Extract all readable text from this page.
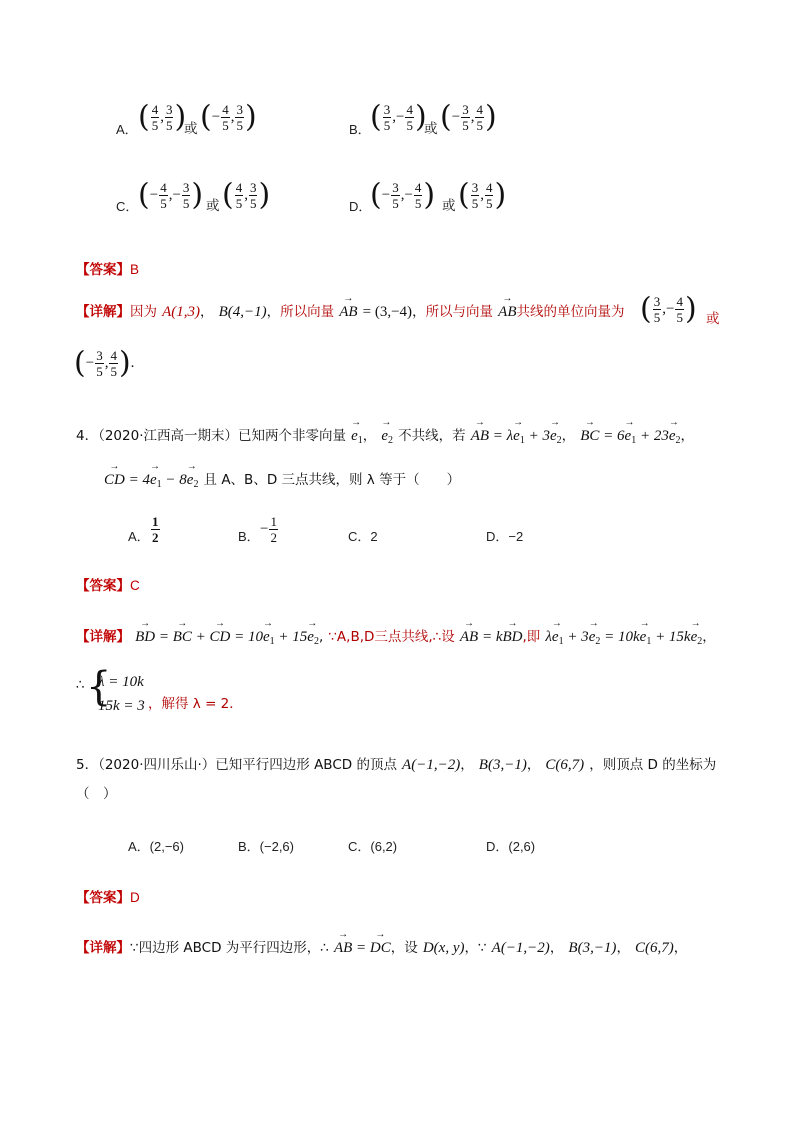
A． ( $\frac{4}{5}$ , $\frac{3}{5}$ )
或 (− $\frac{4}{5}$ , $\frac{3}{5}$ )	B． ( $\frac{3}{5}$ ,− $\frac{4}{5}$ )
或 (− $\frac{3}{5}$ , $\frac{4}{5}$ )
C． (− $\frac{4}{5}$ ,− $\frac{3}{5}$ ) 或 ( $\frac{4}{5}$ , $\frac{3}{5}$ )	D．
(− $\frac{3}{5}$ ,− $\frac{4}{5}$ ) 或 ( $\frac{3}{5}$ , $\frac{4}{5}$ )
【答案】B
【详解】因为 A(1,3)， B(4,−1)，所以向量 → AB = (3,−4)，所以与向量 → AB共线的单位向量为 ( $\frac{3}{5}$ ,− $\frac{4}{5}$ ) 或
(− $\frac{3}{5}$ , $\frac{4}{5}$ ).
4．（2020·江西高一期末）已知两个非零向量 → $e_1$， → $e_2$ 不共线，若 → AB = $\lambda\to e_1 + 3\to e_2$， → BC = $6\to e_1 + 23\to e_2$，
→ CD = $4\to e_1 - 8\to e_2$ 且 A、B、D 三点共线，则 λ 等于（　　）
A． $\frac{1}{2}$	B． − $\frac{1}{2}$	C．2	D．−2
【答案】C
【详解】 → BD = → BC + → CD = $10\to e_1 + 15\to e_2$, ∵A,B,D三点共线,∴设 → AB = k→ BD,即 $\lambda\to e_1 + 3\to e_2 = 10k\to e_1 + 15k\to e_2$，
∴ {
λ = 10k
15k = 3 ，解得 λ = 2．
5．（2020·四川乐山·）已知平行四边形 ABCD 的顶点 A(−1,−2)， B(3,−1)， C(6,7) ，则顶点 D 的坐标为
（　）
A．(2,−6)	B．(−2,6)	C．(6,2)	D．(2,6)
【答案】D
【详解】∵四边形 ABCD 为平行四边形，∴ → AB = → DC，设 D(x, y)，∵ A(−1,−2)， B(3,−1)， C(6,7)，
